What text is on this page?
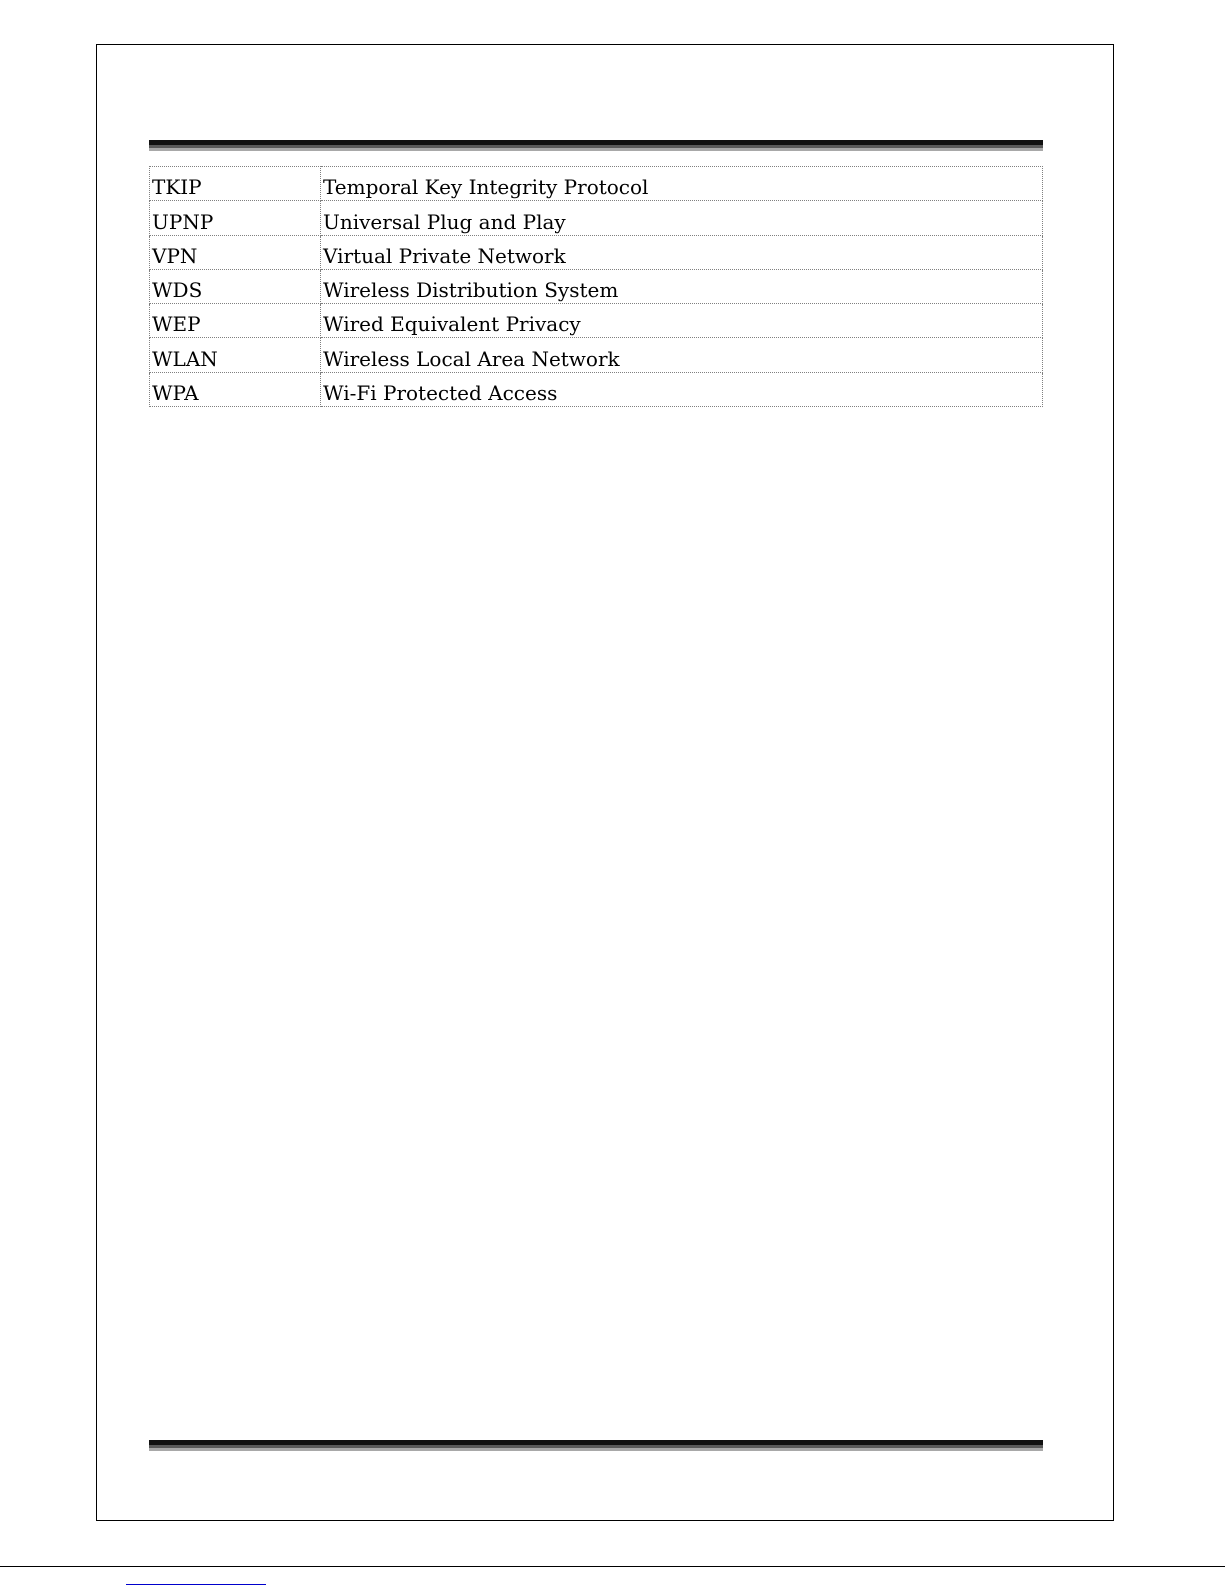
TKIP	Temporal Key Integrity Protocol
UPNP	Universal Plug and Play
VPN	Virtual Private Network
WDS	Wireless Distribution System
WEP	Wired Equivalent Privacy
WLAN	Wireless Local Area Network
WPA	Wi-Fi Protected Access
